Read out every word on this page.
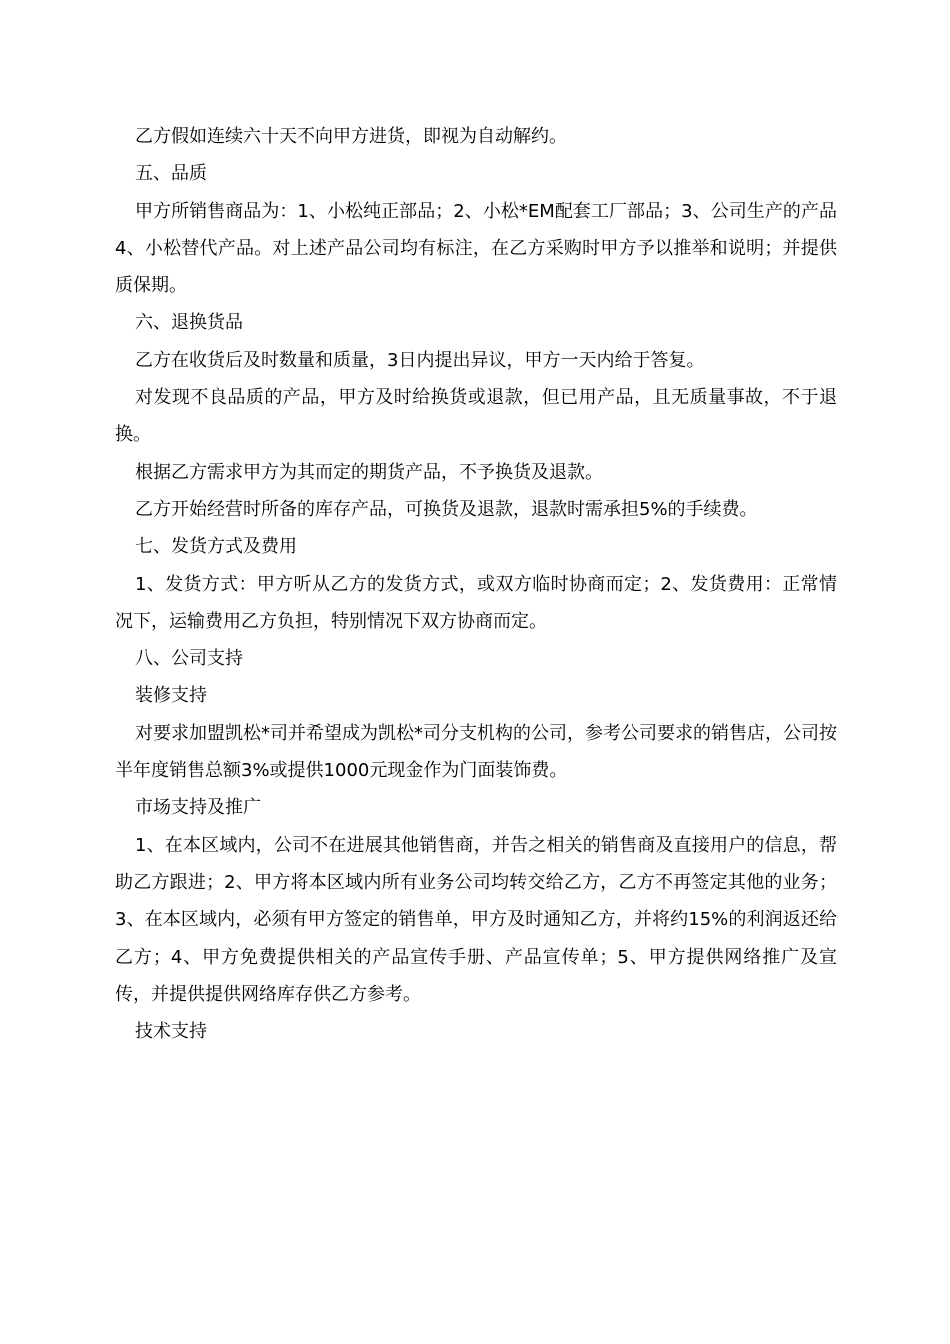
乙方假如连续六十天不向甲方进货，即视为自动解约。

五、品质

甲方所销售商品为：1、小松纯正部品；2、小松*EM配套工厂部品；3、公司生产的产品4、小松替代产品。对上述产品公司均有标注，在乙方采购时甲方予以推举和说明；并提供质保期。

六、退换货品

乙方在收货后及时数量和质量，3日内提出异议，甲方一天内给于答复。

对发现不良品质的产品，甲方及时给换货或退款，但已用产品，且无质量事故，不于退换。

根据乙方需求甲方为其而定的期货产品，不予换货及退款。

乙方开始经营时所备的库存产品，可换货及退款，退款时需承担5%的手续费。

七、发货方式及费用

1、发货方式：甲方听从乙方的发货方式，或双方临时协商而定；2、发货费用：正常情况下，运输费用乙方负担，特别情况下双方协商而定。

八、公司支持

装修支持

对要求加盟凯松*司并希望成为凯松*司分支机构的公司，参考公司要求的销售店，公司按半年度销售总额3%或提供1000元现金作为门面装饰费。

市场支持及推广

1、在本区域内，公司不在进展其他销售商，并告之相关的销售商及直接用户的信息，帮助乙方跟进；2、甲方将本区域内所有业务公司均转交给乙方，乙方不再签定其他的业务；3、在本区域内，必须有甲方签定的销售单，甲方及时通知乙方，并将约15%的利润返还给乙方；4、甲方免费提供相关的产品宣传手册、产品宣传单；5、甲方提供网络推广及宣传，并提供提供网络库存供乙方参考。

技术支持
